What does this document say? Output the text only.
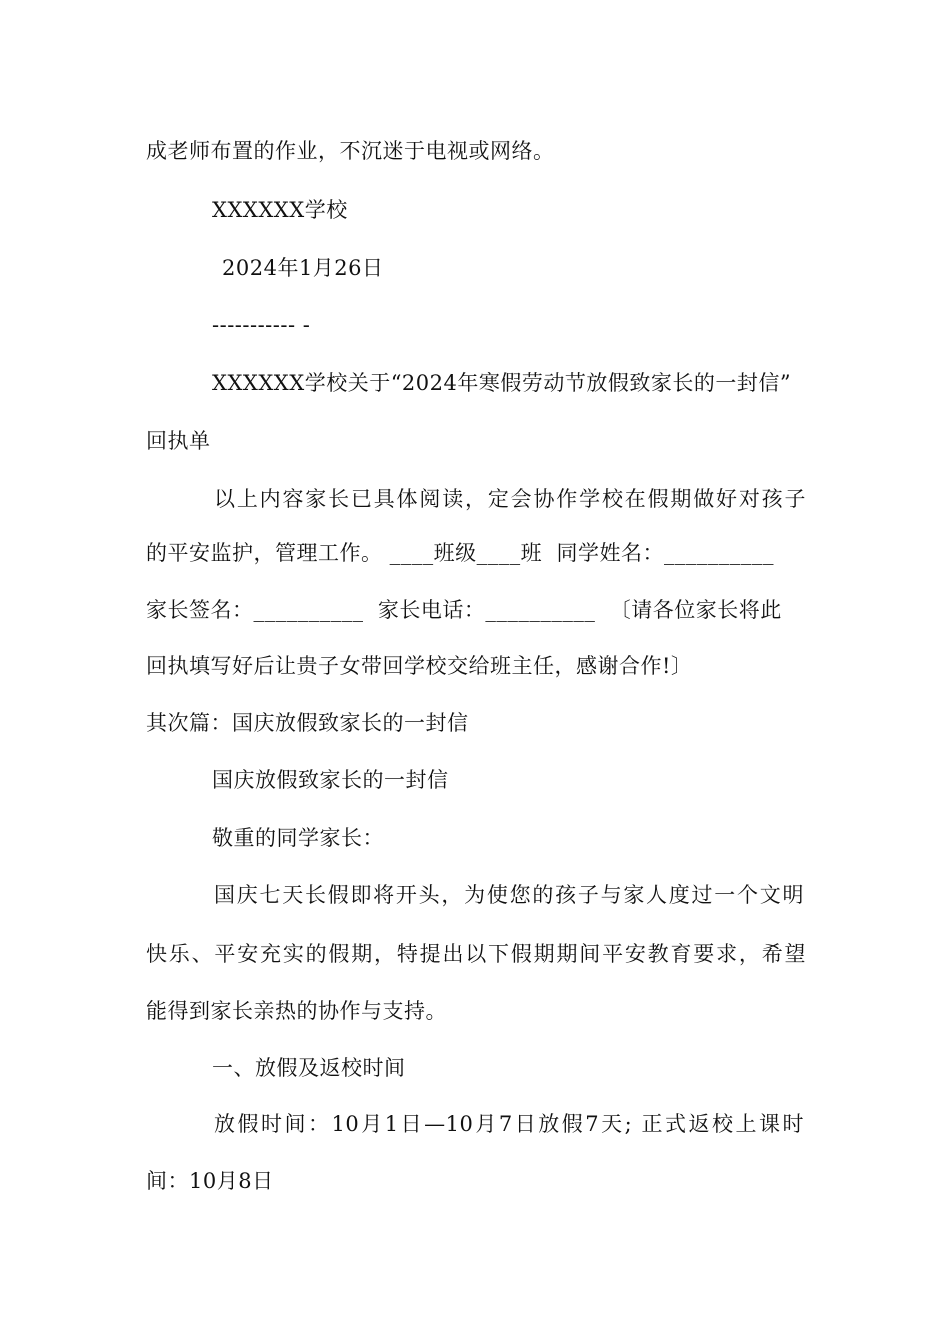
成老师布置的作业，不沉迷于电视或网络。
XXXXXX学校
2024年1月26日
----------- -
XXXXXX学校关于“2024年寒假劳动节放假致家长的一封信”
回执单
以上内容家长已具体阅读，定会协作学校在假期做好对孩子
的平安监护，管理工作。 ____班级____班  同学姓名：__________
家长签名：__________  家长电话：__________  〔请各位家长将此
回执填写好后让贵子女带回学校交给班主任，感谢合作!〕
其次篇：国庆放假致家长的一封信
国庆放假致家长的一封信
敬重的同学家长：
国庆七天长假即将开头，为使您的孩子与家人度过一个文明
快乐、平安充实的假期，特提出以下假期期间平安教育要求，希望
能得到家长亲热的协作与支持。
一、放假及返校时间
放假时间：10月1日—10月7日放假7天; 正式返校上课时
间：10月8日
